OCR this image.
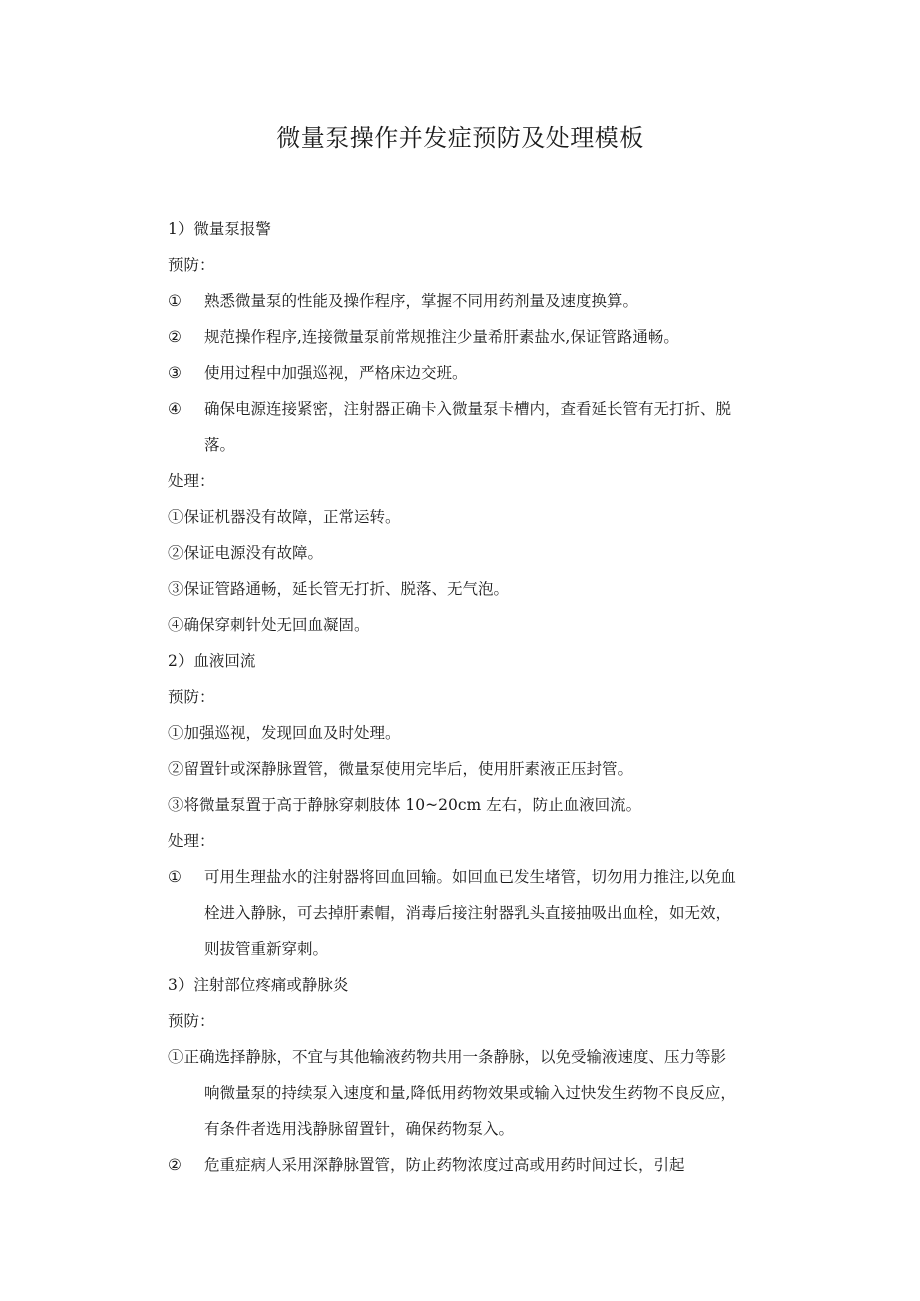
微量泵操作并发症预防及处理模板
1）微量泵报警
预防：
①	熟悉微量泵的性能及操作程序，掌握不同用药剂量及速度换算。
②	规范操作程序,连接微量泵前常规推注少量希肝素盐水,保证管路通畅。
③	使用过程中加强巡视，严格床边交班。
④	确保电源连接紧密，注射器正确卡入微量泵卡槽内，查看延长管有无打折、脱
落。
处理：
①保证机器没有故障，正常运转。
②保证电源没有故障。
③保证管路通畅，延长管无打折、脱落、无气泡。
④确保穿刺针处无回血凝固。
2）血液回流
预防：
①加强巡视，发现回血及时处理。
②留置针或深静脉置管，微量泵使用完毕后，使用肝素液正压封管。
③将微量泵置于高于静脉穿刺肢体 10~20cm 左右，防止血液回流。
处理：
①	可用生理盐水的注射器将回血回输。如回血已发生堵管，切勿用力推注,以免血
栓进入静脉，可去掉肝素帽，消毒后接注射器乳头直接抽吸出血栓，如无效，
则拔管重新穿刺。
3）注射部位疼痛或静脉炎
预防：
①正确选择静脉，不宜与其他输液药物共用一条静脉，以免受输液速度、压力等影
响微量泵的持续泵入速度和量,降低用药物效果或输入过快发生药物不良反应，
有条件者选用浅静脉留置针，确保药物泵入。
②	危重症病人采用深静脉置管，防止药物浓度过高或用药时间过长，引起
